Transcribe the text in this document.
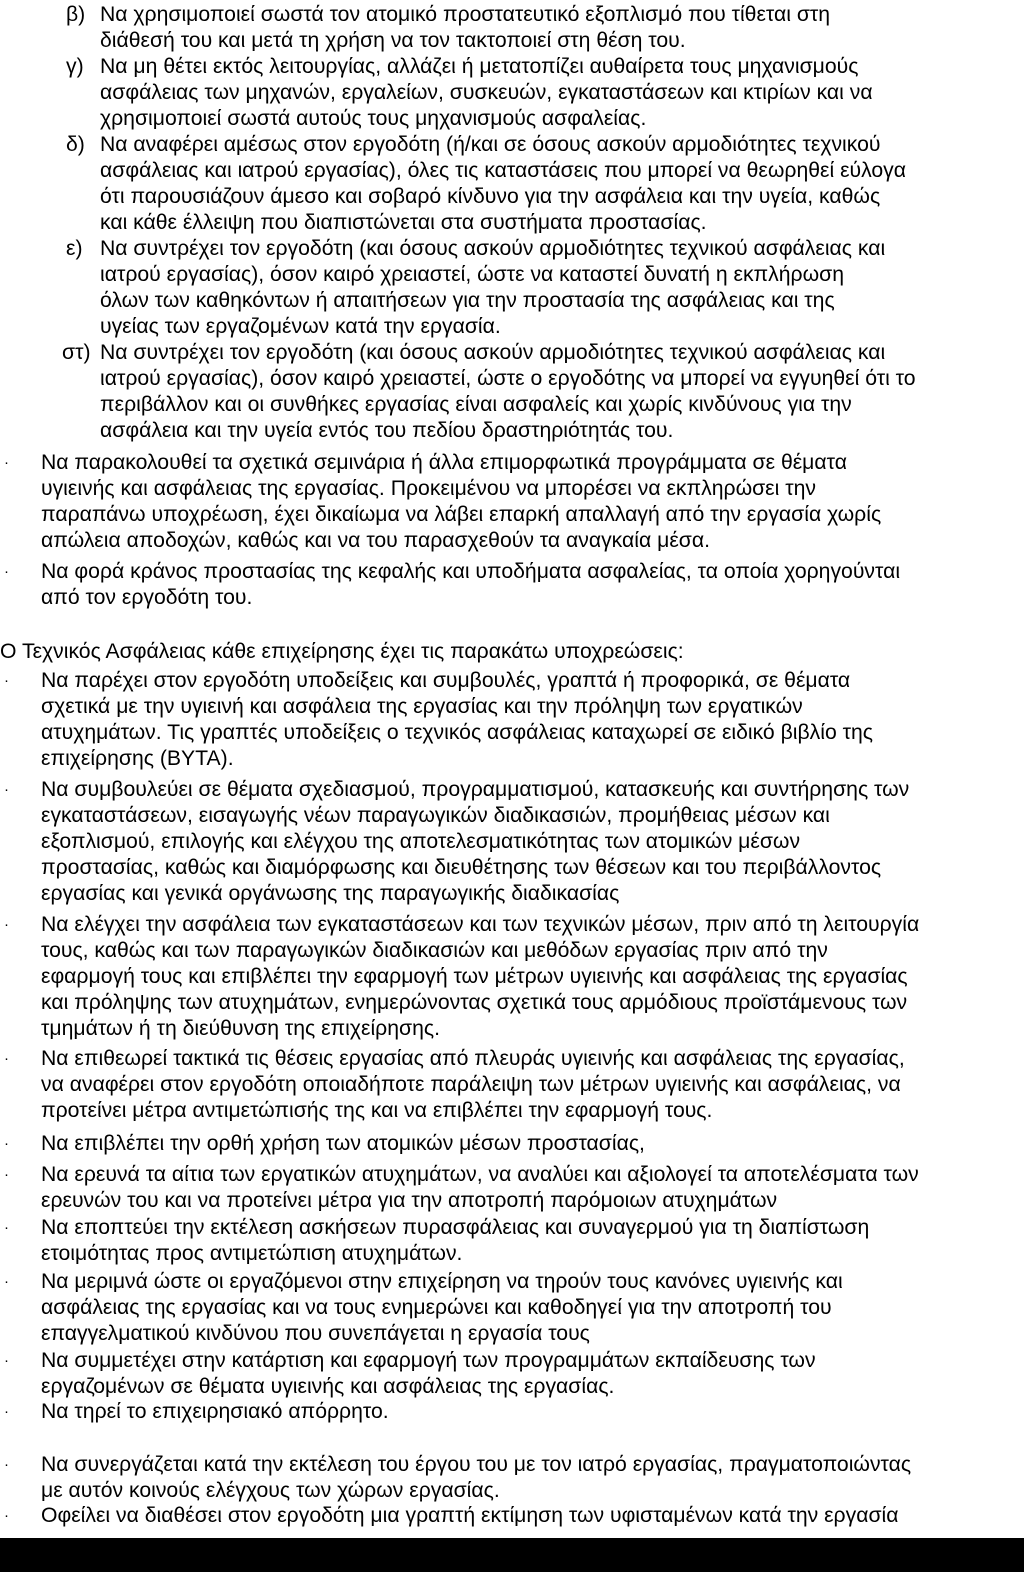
β) Να χρησιμοποιεί σωστά τον ατομικό προστατευτικό εξοπλισμό που τίθεται στη
διάθεσή του και μετά τη χρήση να τον τακτοποιεί στη θέση του.
γ) Να μη θέτει εκτός λειτουργίας, αλλάζει ή μετατοπίζει αυθαίρετα τους μηχανισμούς
ασφάλειας των μηχανών, εργαλείων, συσκευών, εγκαταστάσεων και κτιρίων και να
χρησιμοποιεί σωστά αυτούς τους μηχανισμούς ασφαλείας.
δ) Να αναφέρει αμέσως στον εργοδότη (ή/και σε όσους ασκούν αρμοδιότητες τεχνικού
ασφάλειας και ιατρού εργασίας), όλες τις καταστάσεις που μπορεί να θεωρηθεί εύλογα
ότι παρουσιάζουν άμεσο και σοβαρό κίνδυνο για την ασφάλεια και την υγεία, καθώς
και κάθε έλλειψη που διαπιστώνεται στα συστήματα προστασίας.
ε) Να συντρέχει τον εργοδότη (και όσους ασκούν αρμοδιότητες τεχνικού ασφάλειας και
ιατρού εργασίας), όσον καιρό χρειαστεί, ώστε να καταστεί δυνατή η εκπλήρωση
όλων των καθηκόντων ή απαιτήσεων για την προστασία της ασφάλειας και της
υγείας των εργαζομένων κατά την εργασία.
στ) Να συντρέχει τον εργοδότη (και όσους ασκούν αρμοδιότητες τεχνικού ασφάλειας και
ιατρού εργασίας), όσον καιρό χρειαστεί, ώστε ο εργοδότης να μπορεί να εγγυηθεί ότι το
περιβάλλον και οι συνθήκες εργασίας είναι ασφαλείς και χωρίς κινδύνους για την
ασφάλεια και την υγεία εντός του πεδίου δραστηριότητάς του.
· Να παρακολουθεί τα σχετικά σεμινάρια ή άλλα επιμορφωτικά προγράμματα σε θέματα
υγιεινής και ασφάλειας της εργασίας. Προκειμένου να μπορέσει να εκπληρώσει την
παραπάνω υποχρέωση, έχει δικαίωμα να λάβει επαρκή απαλλαγή από την εργασία χωρίς
απώλεια αποδοχών, καθώς και να του παρασχεθούν τα αναγκαία μέσα.
· Να φορά κράνος προστασίας της κεφαλής και υποδήματα ασφαλείας, τα οποία χορηγούνται
από τον εργοδότη του.
Ο Τεχνικός Ασφάλειας κάθε επιχείρησης έχει τις παρακάτω υποχρεώσεις:
· Να παρέχει στον εργοδότη υποδείξεις και συμβουλές, γραπτά ή προφορικά, σε θέματα
σχετικά με την υγιεινή και ασφάλεια της εργασίας και την πρόληψη των εργατικών
ατυχημάτων. Τις γραπτές υποδείξεις ο τεχνικός ασφάλειας καταχωρεί σε ειδικό βιβλίο της
επιχείρησης (ΒΥΤΑ).
· Να συμβουλεύει σε θέματα σχεδιασμού, προγραμματισμού, κατασκευής και συντήρησης των
εγκαταστάσεων, εισαγωγής νέων παραγωγικών διαδικασιών, προμήθειας μέσων και
εξοπλισμού, επιλογής και ελέγχου της αποτελεσματικότητας των ατομικών μέσων
προστασίας, καθώς και διαμόρφωσης και διευθέτησης των θέσεων και του περιβάλλοντος
εργασίας και γενικά οργάνωσης της παραγωγικής διαδικασίας
· Να ελέγχει την ασφάλεια των εγκαταστάσεων και των τεχνικών μέσων, πριν από τη λειτουργία
τους, καθώς και των παραγωγικών διαδικασιών και μεθόδων εργασίας πριν από την
εφαρμογή τους και επιβλέπει την εφαρμογή των μέτρων υγιεινής και ασφάλειας της εργασίας
και πρόληψης των ατυχημάτων, ενημερώνοντας σχετικά τους αρμόδιους προϊστάμενους των
τμημάτων ή τη διεύθυνση της επιχείρησης.
· Να επιθεωρεί τακτικά τις θέσεις εργασίας από πλευράς υγιεινής και ασφάλειας της εργασίας,
να αναφέρει στον εργοδότη οποιαδήποτε παράλειψη των μέτρων υγιεινής και ασφάλειας, να
προτείνει μέτρα αντιμετώπισής της και να επιβλέπει την εφαρμογή τους.
· Να επιβλέπει την ορθή χρήση των ατομικών μέσων προστασίας,
· Να ερευνά τα αίτια των εργατικών ατυχημάτων, να αναλύει και αξιολογεί τα αποτελέσματα των
ερευνών του και να προτείνει μέτρα για την αποτροπή παρόμοιων ατυχημάτων
· Να εποπτεύει την εκτέλεση ασκήσεων πυρασφάλειας και συναγερμού για τη διαπίστωση
ετοιμότητας προς αντιμετώπιση ατυχημάτων.
· Να μεριμνά ώστε οι εργαζόμενοι στην επιχείρηση να τηρούν τους κανόνες υγιεινής και
ασφάλειας της εργασίας και να τους ενημερώνει και καθοδηγεί για την αποτροπή του
επαγγελματικού κινδύνου που συνεπάγεται η εργασία τους
· Να συμμετέχει στην κατάρτιση και εφαρμογή των προγραμμάτων εκπαίδευσης των
εργαζομένων σε θέματα υγιεινής και ασφάλειας της εργασίας.
· Να τηρεί το επιχειρησιακό απόρρητο.
· Να συνεργάζεται κατά την εκτέλεση του έργου του με τον ιατρό εργασίας, πραγματοποιώντας
με αυτόν κοινούς ελέγχους των χώρων εργασίας.
· Οφείλει να διαθέσει στον εργοδότη μια γραπτή εκτίμηση των υφισταμένων κατά την εργασία
